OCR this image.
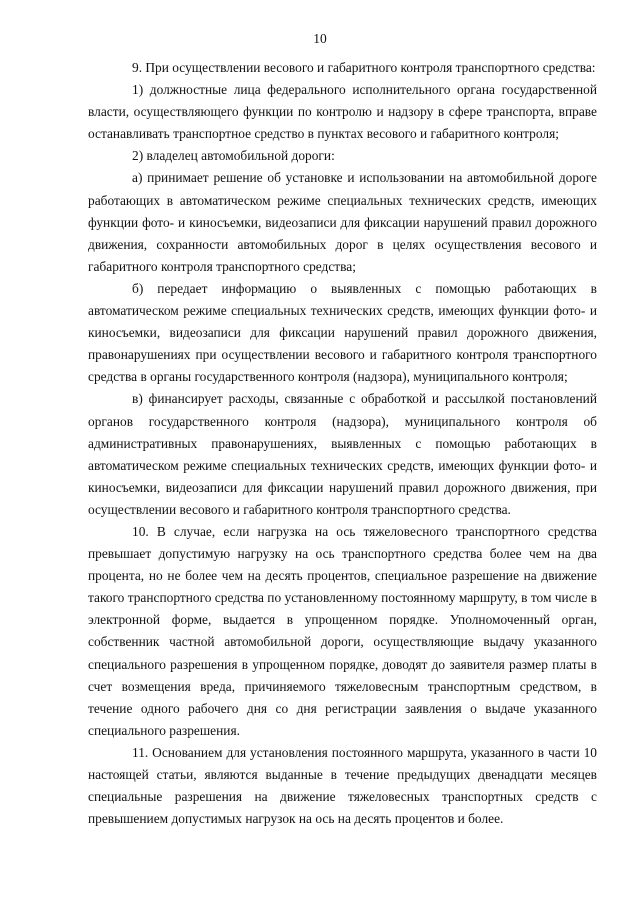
10

9. При осуществлении весового и габаритного контроля транспортного средства:

1) должностные лица федерального исполнительного органа государственной власти, осуществляющего функции по контролю и надзору в сфере транспорта, вправе останавливать транспортное средство в пунктах весового и габаритного контроля;

2) владелец автомобильной дороги:

а) принимает решение об установке и использовании на автомобильной дороге работающих в автоматическом режиме специальных технических средств, имеющих функции фото- и киносъемки, видеозаписи для фиксации нарушений правил дорожного движения, сохранности автомобильных дорог в целях осуществления весового и габаритного контроля транспортного средства;

б) передает информацию о выявленных с помощью работающих в автоматическом режиме специальных технических средств, имеющих функции фото- и киносъемки, видеозаписи для фиксации нарушений правил дорожного движения, правонарушениях при осуществлении весового и габаритного контроля транспортного средства в органы государственного контроля (надзора), муниципального контроля;

в) финансирует расходы, связанные с обработкой и рассылкой постановлений органов государственного контроля (надзора), муниципального контроля об административных правонарушениях, выявленных с помощью работающих в автоматическом режиме специальных технических средств, имеющих функции фото- и киносъемки, видеозаписи для фиксации нарушений правил дорожного движения, при осуществлении весового и габаритного контроля транспортного средства.

10. В случае, если нагрузка на ось тяжеловесного транспортного средства превышает допустимую нагрузку на ось транспортного средства более чем на два процента, но не более чем на десять процентов, специальное разрешение на движение такого транспортного средства по установленному постоянному маршруту, в том числе в электронной форме, выдается в упрощенном порядке. Уполномоченный орган, собственник частной автомобильной дороги, осуществляющие выдачу указанного специального разрешения в упрощенном порядке, доводят до заявителя размер платы в счет возмещения вреда, причиняемого тяжеловесным транспортным средством, в течение одного рабочего дня со дня регистрации заявления о выдаче указанного специального разрешения.

11. Основанием для установления постоянного маршрута, указанного в части 10 настоящей статьи, являются выданные в течение предыдущих двенадцати месяцев специальные разрешения на движение тяжеловесных транспортных средств с превышением допустимых нагрузок на ось на десять процентов и более.
